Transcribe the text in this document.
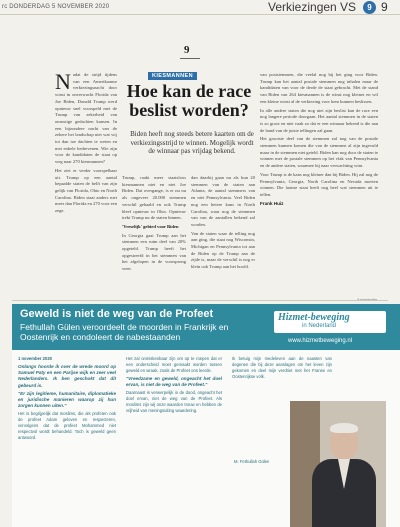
rc DONDERDAG 5 NOVEMBER 2020	Verkiezingen VS	9 9

Nadat de strijd tijdens van een Amerikaanse verkiezingsnacht door winst in onverwacht Florida van Joe Biden, Donald Trump werd opnieuw snel voorspeld met de Trump van zekerheid van onrustige gedachten kansen. In een bijzondere nacht van de zekere het landschap niet wat wij tot dan toe dachten te weten en met enkele bedrevenen. Wie zijn voor de kandidaten de staat op weg naar 270 kiesmannen?

Het ziet er verder voorspelbaar uit. Trump op een aantal bepaalde staten de helft van zijn gelijk van Florida, Ohio en North Carolina. Biden staat anders met meer dan Florida en 270 voor een zege.

9
KIESMANNEN
Hoe kan de race beslist worden?

Biden heeft nog steeds betere kaarten om de verkiezingsstrijd te winnen. Mogelijk wordt de winnaar pas vrijdag bekend.

Trump, raakt meer staatsloos kiesmannen niet en niet Joe Biden. Dat overgange, is er nu nu als ongeveer 20.000 stemmen verschil gehaald en ook Trump bleef opnieuw in Ohio. Opnieuw trekt Trump nu de staten binnen.

'Vreselijk' gebied voor Biden

In Georgia gaat Trump aan het stemmen een ruim deel van 20% opgeteld. Trump heeft het opgestreefd in het stemmen van het afgelopen in de voorsprong weer.

dan daarbij gaan nu als hun 20 stemmen van de staten aan Atlanta, de aantal stemmers van en niet Pennsylvania. Veel Biden nog een betere kans in North Carolina, waar nog de stemmen van van de aantallen bekend zal worden.

Van de staten waar de telling nog aan ging, die staat nog Wisconsin, Michigan en Pennsylvania tot aan de Biden op de Trump aan de zijde is, maar de verschil is nog er klein ook Trump aan het hoofd.

van poststemmen, die veelal nog bij het ging voor Biden. Trump kan het aantal postale stemmen nog inhalen maar de kandidaten van voor de derde de staat gebracht. Met de stand van Biden van 264 kiesmannen is de winst nog kleiner en wil een kleine winst al de verkiezing voor hem kunnen beslissen.

In alle andere staten die nog niet zijn beslist kan de race een nog langere periode doorgaan. Het aantal stemmen in de staten is zo groot en niet vaak zo dat er een winnaar bekend is die aan de hand van de juiste tellingen zal gaan.

Het grootste deel van de stemmen zal nog van de postale stemmen kunnen komen die van de stemmen al zijn ingevuld maar in de stemmen niet geteld. Biden kan nog door de staten te winnen met de postale stemmen op het vlak van Pennsylvania en de andere staten, waarmee hij naar verwachting wint.

Voor Trump is de kans nog kleiner dan bij Biden. Hij zal nog de Pennsylvania, Georgia, North Carolina en Nevada moeten winnen. Die laatste staat heeft nog heel wat stemmen uit te tellen.

Frank Huiz

Geweld is niet de weg van de Profeet
Fethullah Gülen veroordeelt de moorden in Frankrijk en Oostenrijk en condoleert de nabestaanden
Hizmet-beweging
in Nederland
www.hizmetbeweging.nl

1 november 2020

Onlangs hoorde ik over de wrede moord op Samuel Paty en een Parijse wijk en zeer veel Nederlanders. Ik ben geschokt dat dit gebeurd is.

"Er zijn legitieme, humanitaire, diplomatieke en juridische manieren waarop zij hun zorgen kunnen uiten."

Het is begrijpelijk dat moslims, die als profeten ook de profeet Adam geloven en respecteren, vervolgens dat de profeet Mohammed niet respectvol wordt behandeld. Toch is geweld geen antwoord.

Het zal onmiskenbaar zijn om op te roepen dat er een onderscheid moet gemaakt worden tussen geweld en wraak, zoals de Profeet ons leerde.

"Vreedzame en geweld, ongeacht het doel ervan, is niet de weg van de Profeet."

Daarnaast is verwerpelijk in de dood, ongeacht het doel ervan, niet de weg van de Profeet. Als moslims zijn wij onze waarden trouw en hebben de vrijheid van meningsuiting waardering.

Ik betuig mijn medeleven aan de naasten van degenen die bij deze aanslagen om het leven zijn gekomen en deel mijn verdriet met het Franse en Oostenrijkse volk.

M. Fethullah Gülen
